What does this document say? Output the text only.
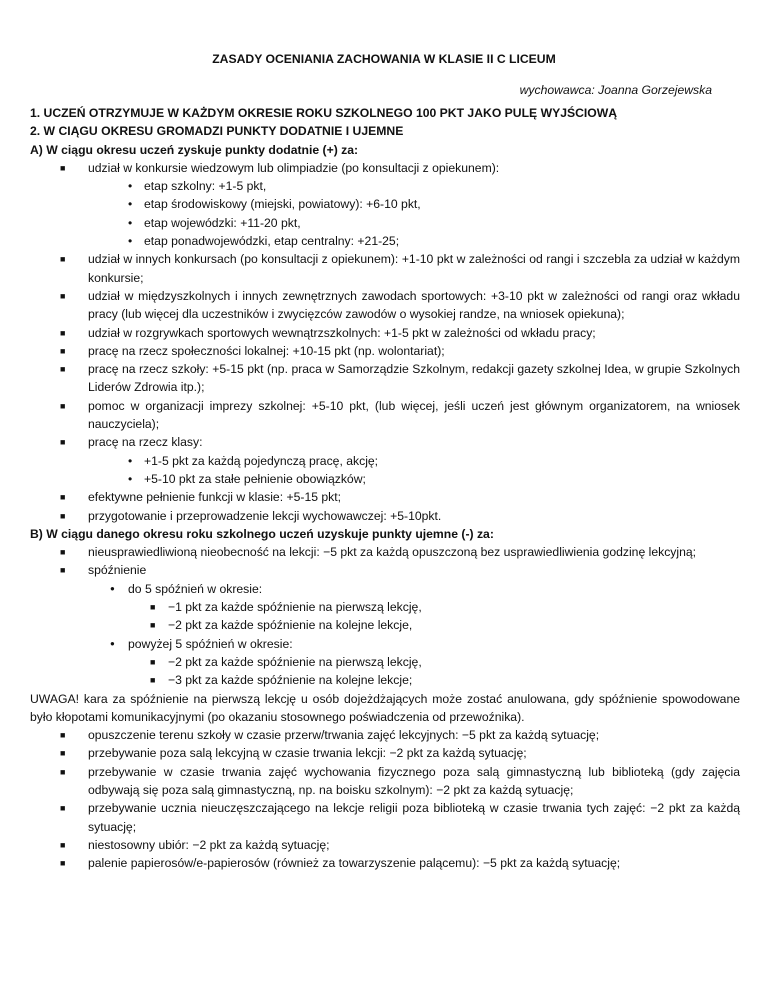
ZASADY OCENIANIA ZACHOWANIA W KLASIE II C LICEUM
wychowawca: Joanna Gorzejewska
1. UCZEŃ OTRZYMUJE W KAŻDYM OKRESIE ROKU SZKOLNEGO 100 PKT JAKO PULĘ WYJŚCIOWĄ
2. W CIĄGU OKRESU GROMADZI PUNKTY DODATNIE I UJEMNE
A) W ciągu okresu uczeń zyskuje punkty dodatnie (+) za:
■ udział w konkursie wiedzowym lub olimpiadzie (po konsultacji z opiekunem):
• etap szkolny: +1-5 pkt,
• etap środowiskowy (miejski, powiatowy): +6-10 pkt,
• etap wojewódzki: +11-20 pkt,
• etap ponadwojewódzki, etap centralny: +21-25;
■ udział w innych konkursach (po konsultacji z opiekunem): +1-10 pkt w zależności od rangi i szczebla za udział w każdym konkursie;
■ udział w międzyszkolnych i innych zewnętrznych zawodach sportowych: +3-10 pkt w zależności od rangi oraz wkładu pracy (lub więcej dla uczestników i zwycięzców zawodów o wysokiej randze, na wniosek opiekuna);
■ udział w rozgrywkach sportowych wewnątrzszkolnych: +1-5 pkt w zależności od wkładu pracy;
■ pracę na rzecz społeczności lokalnej: +10-15 pkt (np. wolontariat);
■ pracę na rzecz szkoły: +5-15 pkt (np. praca w Samorządzie Szkolnym, redakcji gazety szkolnej Idea, w grupie Szkolnych Liderów Zdrowia itp.);
■ pomoc w organizacji imprezy szkolnej: +5-10 pkt, (lub więcej, jeśli uczeń jest głównym organizatorem, na wniosek nauczyciela);
■ pracę na rzecz klasy:
• +1-5 pkt za każdą pojedynczą pracę, akcję;
• +5-10 pkt za stałe pełnienie obowiązków;
■ efektywne pełnienie funkcji w klasie: +5-15 pkt;
■ przygotowanie i przeprowadzenie lekcji wychowawczej: +5-10pkt.
B) W ciągu danego okresu roku szkolnego uczeń uzyskuje punkty ujemne (-) za:
■ nieusprawiedliwioną nieobecność na lekcji: −5 pkt za każdą opuszczoną bez usprawiedliwienia godzinę lekcyjną;
■ spóźnienie
● do 5 spóźnień w okresie:
■ −1 pkt za każde spóźnienie na pierwszą lekcję,
■ −2 pkt za każde spóźnienie na kolejne lekcje,
● powyżej 5 spóźnień w okresie:
■ −2 pkt za każde spóźnienie na pierwszą lekcję,
■ −3 pkt za każde spóźnienie na kolejne lekcje;
UWAGA! kara za spóźnienie na pierwszą lekcję u osób dojeżdżających może zostać anulowana, gdy spóźnienie spowodowane było kłopotami komunikacyjnymi (po okazaniu stosownego poświadczenia od przewoźnika).
■ opuszczenie terenu szkoły w czasie przerw/trwania zajęć lekcyjnych: −5 pkt za każdą sytuację;
■ przebywanie poza salą lekcyjną w czasie trwania lekcji: −2 pkt za każdą sytuację;
■ przebywanie w czasie trwania zajęć wychowania fizycznego poza salą gimnastyczną lub biblioteką (gdy zajęcia odbywają się poza salą gimnastyczną, np. na boisku szkolnym): −2 pkt za każdą sytuację;
■ przebywanie ucznia nieuczęszczającego na lekcje religii poza biblioteką w czasie trwania tych zajęć: −2 pkt za każdą sytuację;
■ niestosowny ubiór: −2 pkt za każdą sytuację;
■ palenie papierosów/e-papierosów (również za towarzyszenie palącemu): −5 pkt za każdą sytuację;
